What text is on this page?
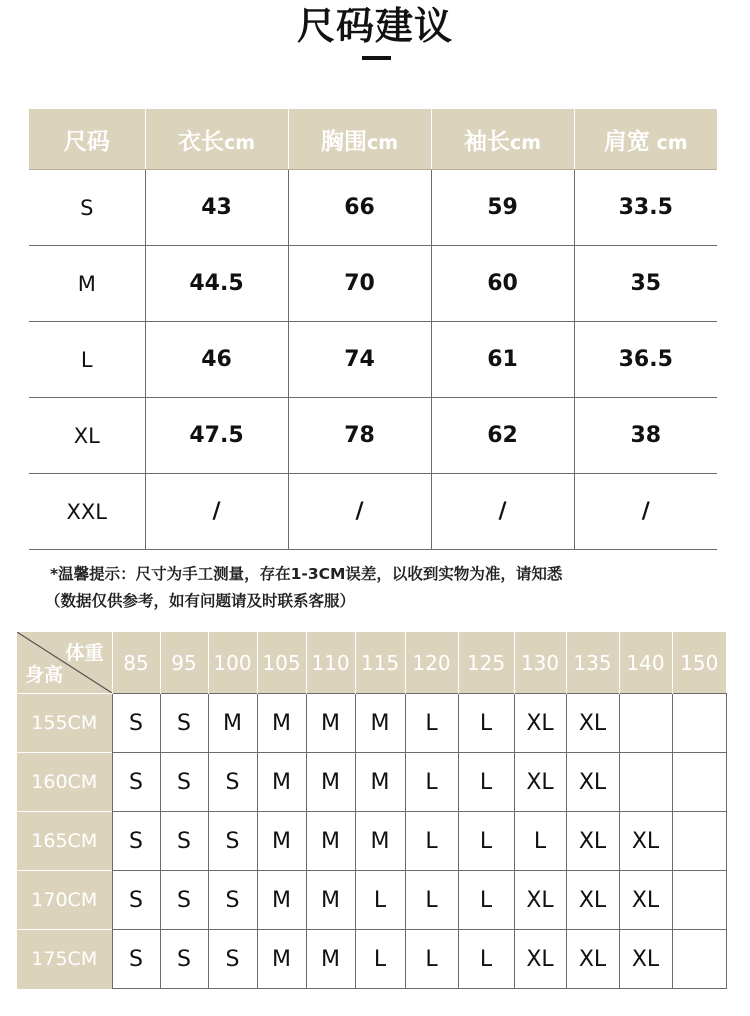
尺码建议
尺码	衣长cm	胸围cm	袖长cm	肩宽 cm
S	43	66	59	33.5
M	44.5	70	60	35
L	46	74	61	36.5
XL	47.5	78	62	38
XXL	/	/	/	/
*温馨提示：尺寸为手工测量，存在1-3CM误差，以收到实物为准，请知悉
（数据仅供参考，如有问题请及时联系客服）
体重
身高	85	95	100	105	110	115	120	125	130	135	140	150
155CM	S	S	M	M	M	M	L	L	XL	XL		
160CM	S	S	S	M	M	M	L	L	XL	XL		
165CM	S	S	S	M	M	M	L	L	L	XL	XL	
170CM	S	S	S	M	M	L	L	L	XL	XL	XL	
175CM	S	S	S	M	M	L	L	L	XL	XL	XL	
